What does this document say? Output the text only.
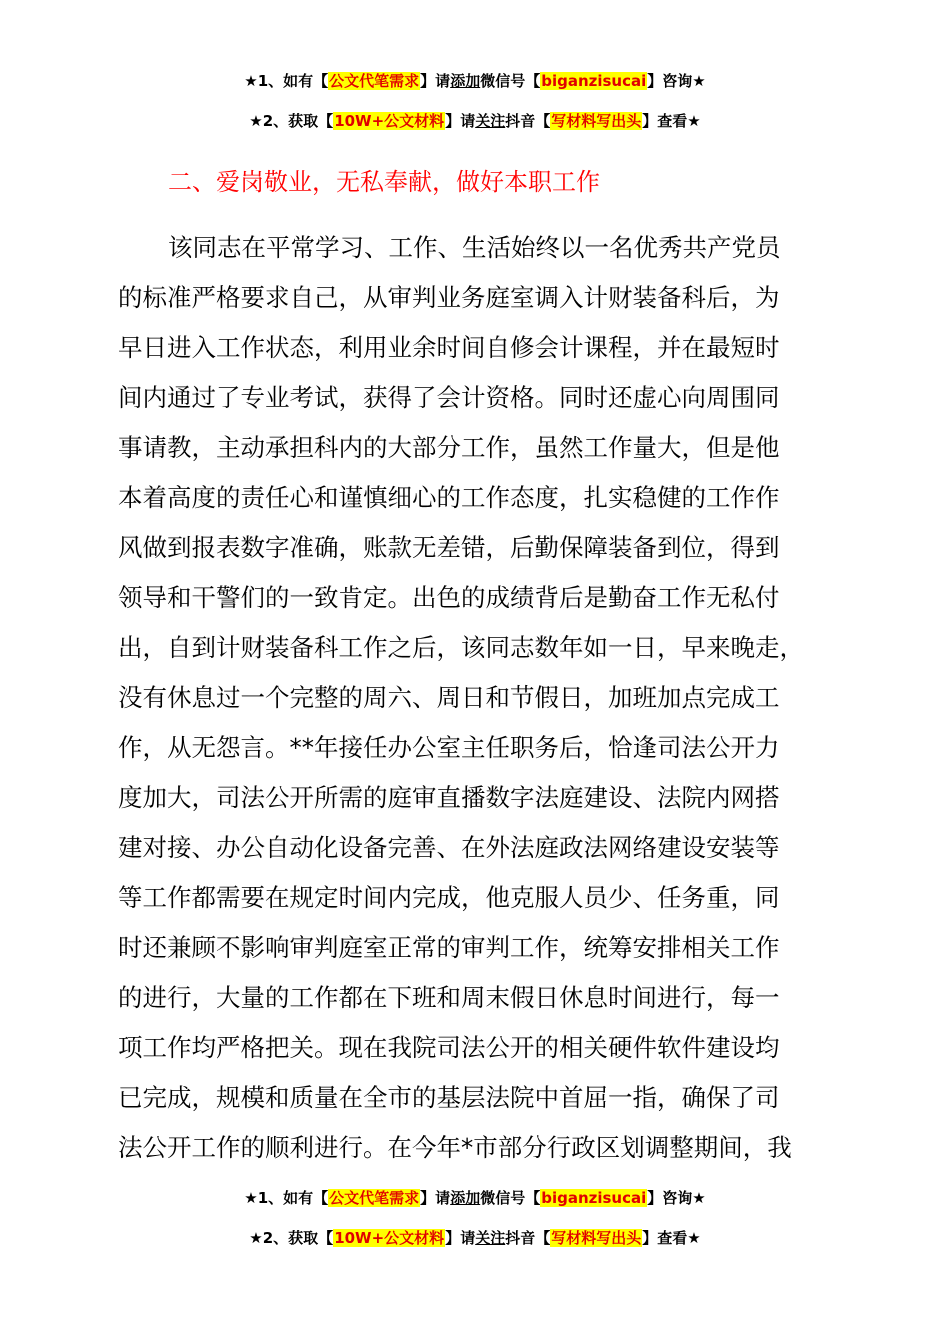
★1、如有【公文代笔需求】请添加微信号【biganzisucai】咨询★
★2、获取【10W+公文材料】请关注抖音【写材料写出头】查看★
二、爱岗敬业，无私奉献，做好本职工作
该同志在平常学习、工作、生活始终以一名优秀共产党员
的标准严格要求自己，从审判业务庭室调入计财装备科后，为
早日进入工作状态，利用业余时间自修会计课程，并在最短时
间内通过了专业考试，获得了会计资格。同时还虚心向周围同
事请教，主动承担科内的大部分工作，虽然工作量大，但是他
本着高度的责任心和谨慎细心的工作态度，扎实稳健的工作作
风做到报表数字准确，账款无差错，后勤保障装备到位，得到
领导和干警们的一致肯定。出色的成绩背后是勤奋工作无私付
出，自到计财装备科工作之后，该同志数年如一日，早来晚走，
没有休息过一个完整的周六、周日和节假日，加班加点完成工
作，从无怨言。**年接任办公室主任职务后，恰逢司法公开力
度加大，司法公开所需的庭审直播数字法庭建设、法院内网搭
建对接、办公自动化设备完善、在外法庭政法网络建设安装等
等工作都需要在规定时间内完成，他克服人员少、任务重，同
时还兼顾不影响审判庭室正常的审判工作，统筹安排相关工作
的进行，大量的工作都在下班和周末假日休息时间进行，每一
项工作均严格把关。现在我院司法公开的相关硬件软件建设均
已完成，规模和质量在全市的基层法院中首屈一指，确保了司
法公开工作的顺利进行。在今年*市部分行政区划调整期间，我
★1、如有【公文代笔需求】请添加微信号【biganzisucai】咨询★
★2、获取【10W+公文材料】请关注抖音【写材料写出头】查看★
